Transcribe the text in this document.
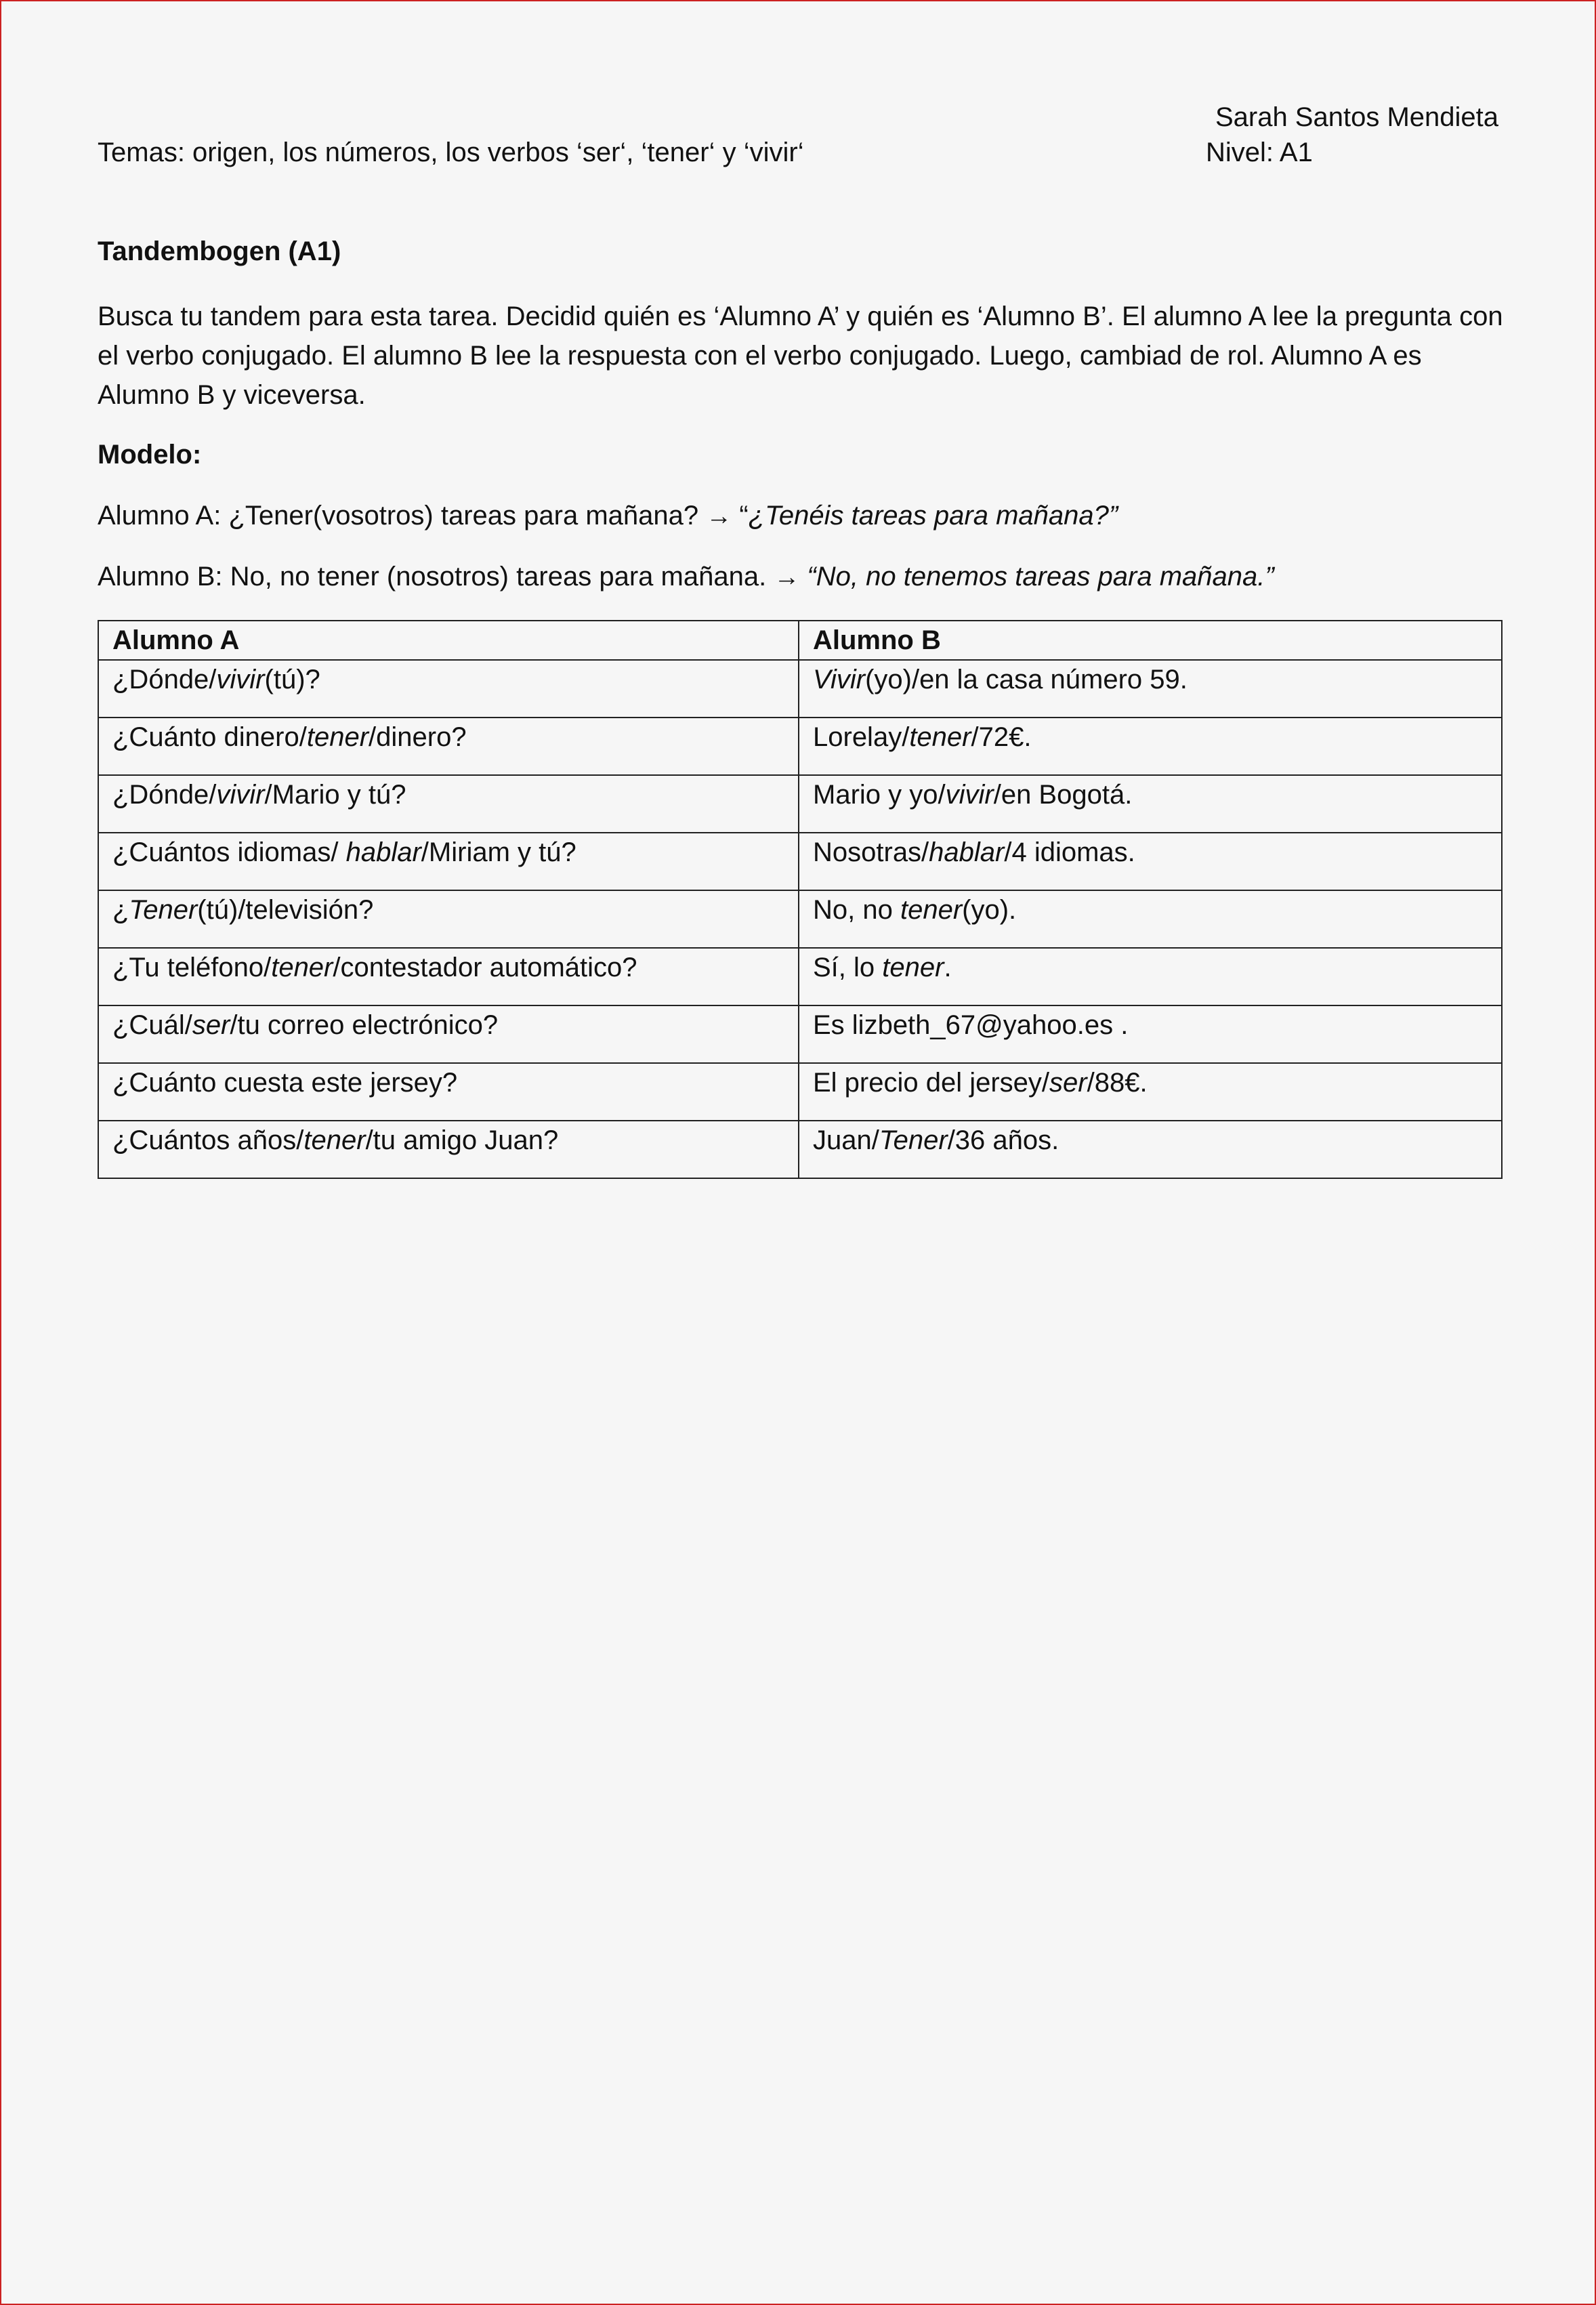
Sarah Santos Mendieta
Temas: origen, los números, los verbos ‘ser‘, ‘tener‘ y ‘vivir‘	Nivel: A1
Tandembogen (A1)
Busca tu tandem para esta tarea. Decidid quién es ‘Alumno A’ y quién es ‘Alumno B’. El alumno A lee la pregunta con el verbo conjugado. El alumno B lee la respuesta con el verbo conjugado. Luego, cambiad de rol. Alumno A es Alumno B y viceversa.
Modelo:
Alumno A: ¿Tener(vosotros) tareas para mañana? → “¿Tenéis tareas para mañana?”
Alumno B: No, no tener (nosotros) tareas para mañana. → “No, no tenemos tareas para mañana.”
Alumno A	Alumno B
¿Dónde/vivir(tú)?	Vivir(yo)/en la casa número 59.
¿Cuánto dinero/tener/dinero?	Lorelay/tener/72€.
¿Dónde/vivir/Mario y tú?	Mario y yo/vivir/en Bogotá.
¿Cuántos idiomas/ hablar/Miriam y tú?	Nosotras/hablar/4 idiomas.
¿Tener(tú)/televisión?	No, no tener(yo).
¿Tu teléfono/tener/contestador automático?	Sí, lo tener.
¿Cuál/ser/tu correo electrónico?	Es lizbeth_67@yahoo.es .
¿Cuánto cuesta este jersey?	El precio del jersey/ser/88€.
¿Cuántos años/tener/tu amigo Juan?	Juan/Tener/36 años.
